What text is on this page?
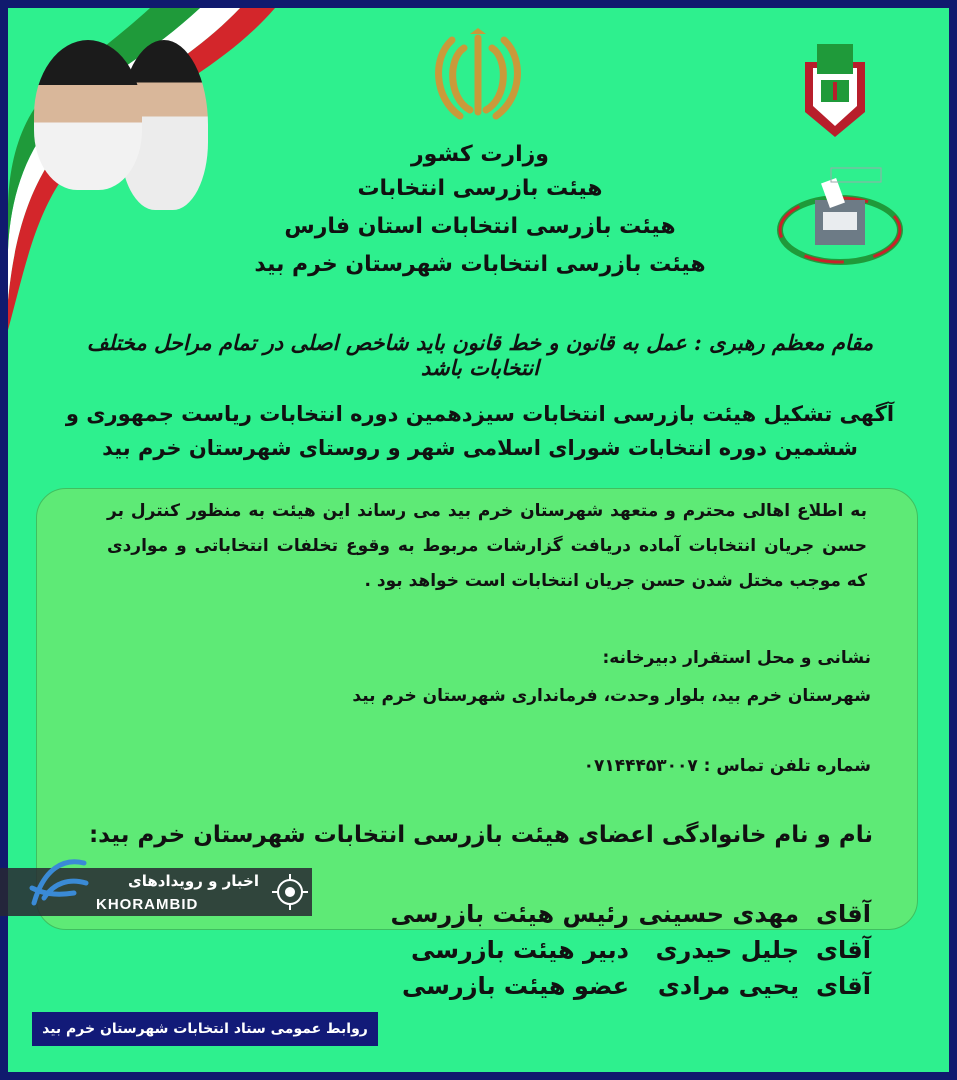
وزارت کشور
هیئت بازرسی انتخابات
هیئت بازرسی انتخابات استان فارس
هیئت بازرسی انتخابات شهرستان خرم بید
مقام معظم رهبری : عمل به قانون و خط قانون باید شاخص اصلی در تمام مراحل مختلف انتخابات باشد
آگهی تشکیل هیئت بازرسی انتخابات سیزدهمین دوره انتخابات ریاست جمهوری و
ششمین دوره انتخابات شورای اسلامی شهر و روستای شهرستان خرم بید
به اطلاع اهالی محترم و متعهد شهرستان خرم بید می رساند این هیئت به منظور کنترل بر حسن جریان انتخابات آماده دریافت گزارشات مربوط به وقوع تخلفات انتخاباتی و مواردی که موجب مختل شدن حسن جریان انتخابات است خواهد بود .
نشانی و محل استقرار دبیرخانه:
شهرستان خرم بید، بلوار وحدت، فرمانداری شهرستان خرم بید
شماره تلفن تماس : ۰۷۱۴۴۴۵۳۰۰۷
نام و نام خانوادگی اعضای هیئت بازرسی انتخابات شهرستان خرم بید:
آقایمهدی حسینیرئیس هیئت بازرسی
آقایجلیل حیدریدبیر هیئت بازرسی
آقاییحیی مرادیعضو هیئت بازرسی
اخبار و رویدادهای
KHORAMBID
روابط عمومی ستاد انتخابات شهرستان خرم بید
